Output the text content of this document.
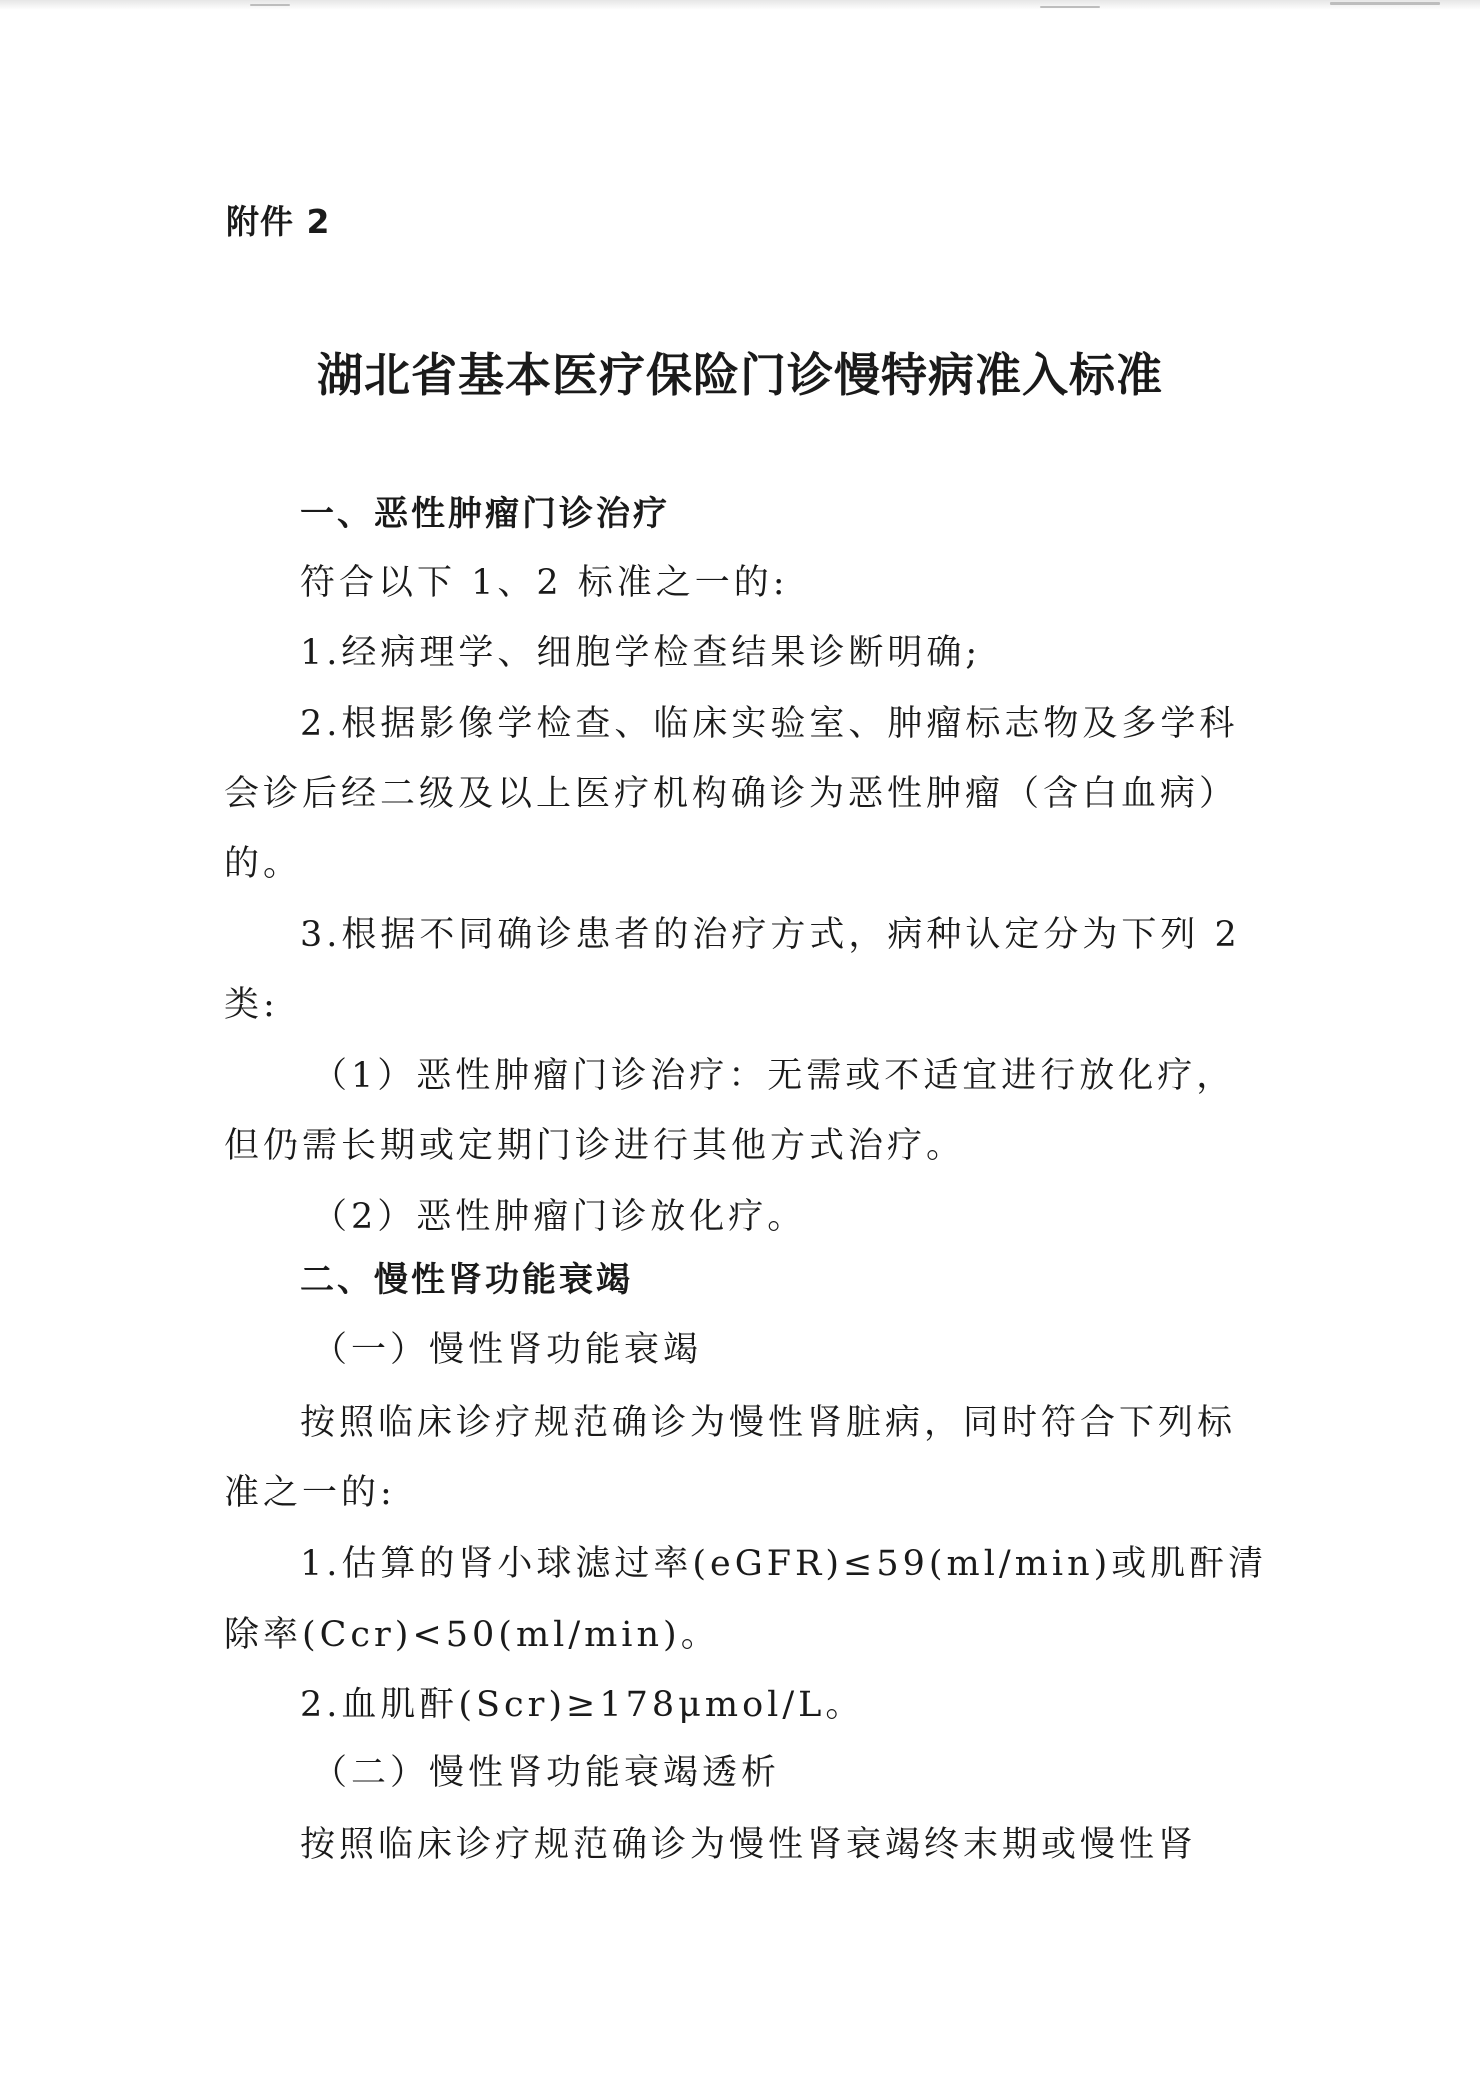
附件 2
湖北省基本医疗保险门诊慢特病准入标准
一、恶性肿瘤门诊治疗
符合以下 1、2 标准之一的:
1.经病理学、细胞学检查结果诊断明确;
2.根据影像学检查、临床实验室、肿瘤标志物及多学科
会诊后经二级及以上医疗机构确诊为恶性肿瘤（含白血病）
的。
3.根据不同确诊患者的治疗方式，病种认定分为下列 2
类:
（1）恶性肿瘤门诊治疗：无需或不适宜进行放化疗，
但仍需长期或定期门诊进行其他方式治疗。
（2）恶性肿瘤门诊放化疗。
二、慢性肾功能衰竭
（一）慢性肾功能衰竭
按照临床诊疗规范确诊为慢性肾脏病，同时符合下列标
准之一的:
1.估算的肾小球滤过率(eGFR)≤59(ml/min)或肌酐清
除率(Ccr)<50(ml/min)。
2.血肌酐(Scr)≥178μmol/L。
（二）慢性肾功能衰竭透析
按照临床诊疗规范确诊为慢性肾衰竭终末期或慢性肾
